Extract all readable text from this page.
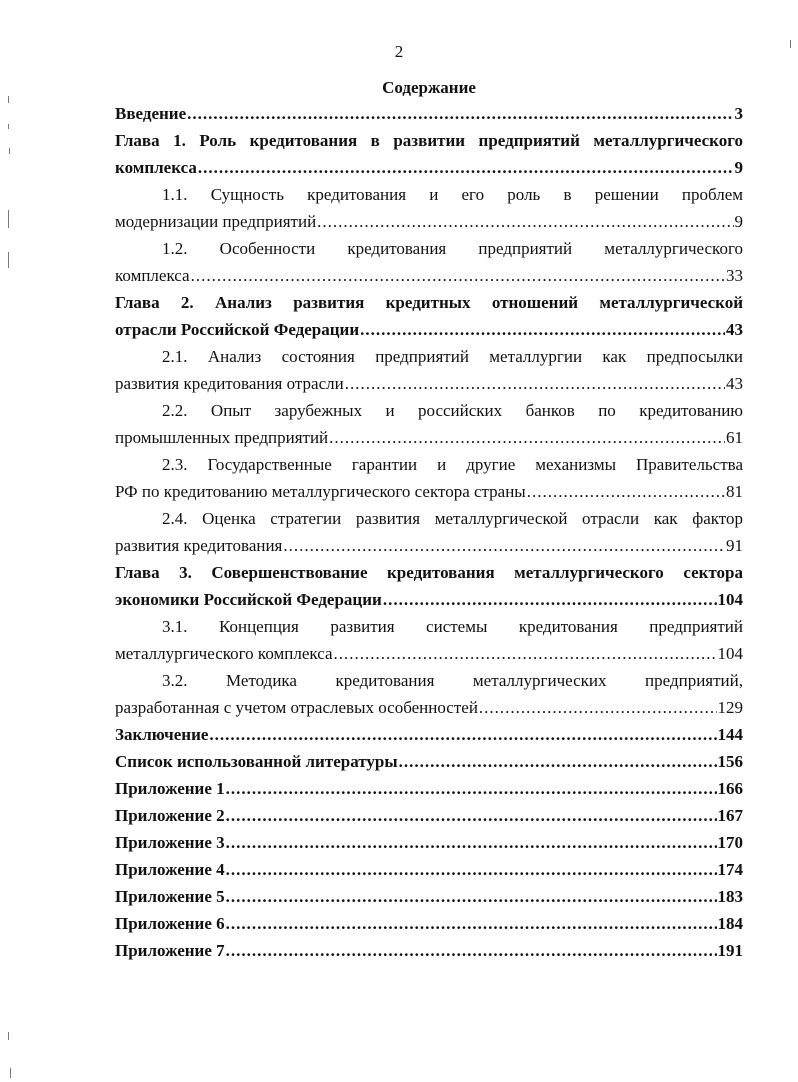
2
Содержание
Введение .....	3
Глава 1. Роль кредитования в развитии предприятий металлургического
комплекса .....	9
1.1. Сущность кредитования и его роль в решении проблем
модернизации предприятий .....	9
1.2. Особенности кредитования предприятий металлургического
комплекса .....	33
Глава 2. Анализ развития кредитных отношений металлургической
отрасли Российской Федерации .....	43
2.1. Анализ состояния предприятий металлургии как предпосылки
развития кредитования отрасли .....	43
2.2. Опыт зарубежных и российских банков по кредитованию
промышленных предприятий .....	61
2.3. Государственные гарантии и другие механизмы Правительства
РФ по кредитованию металлургического сектора страны .....	81
2.4. Оценка стратегии развития металлургической отрасли как фактор
развития кредитования .....	91
Глава 3. Совершенствование кредитования металлургического сектора
экономики Российской Федерации .....	104
3.1. Концепция развития системы кредитования предприятий
металлургического комплекса .....	104
3.2. Методика кредитования металлургических предприятий,
разработанная с учетом отраслевых особенностей .....	129
Заключение .....	144
Список использованной литературы .....	156
Приложение 1 .....	166
Приложение 2 .....	167
Приложение 3 .....	170
Приложение 4 .....	174
Приложение 5 .....	183
Приложение 6 .....	184
Приложение 7 .....	191
